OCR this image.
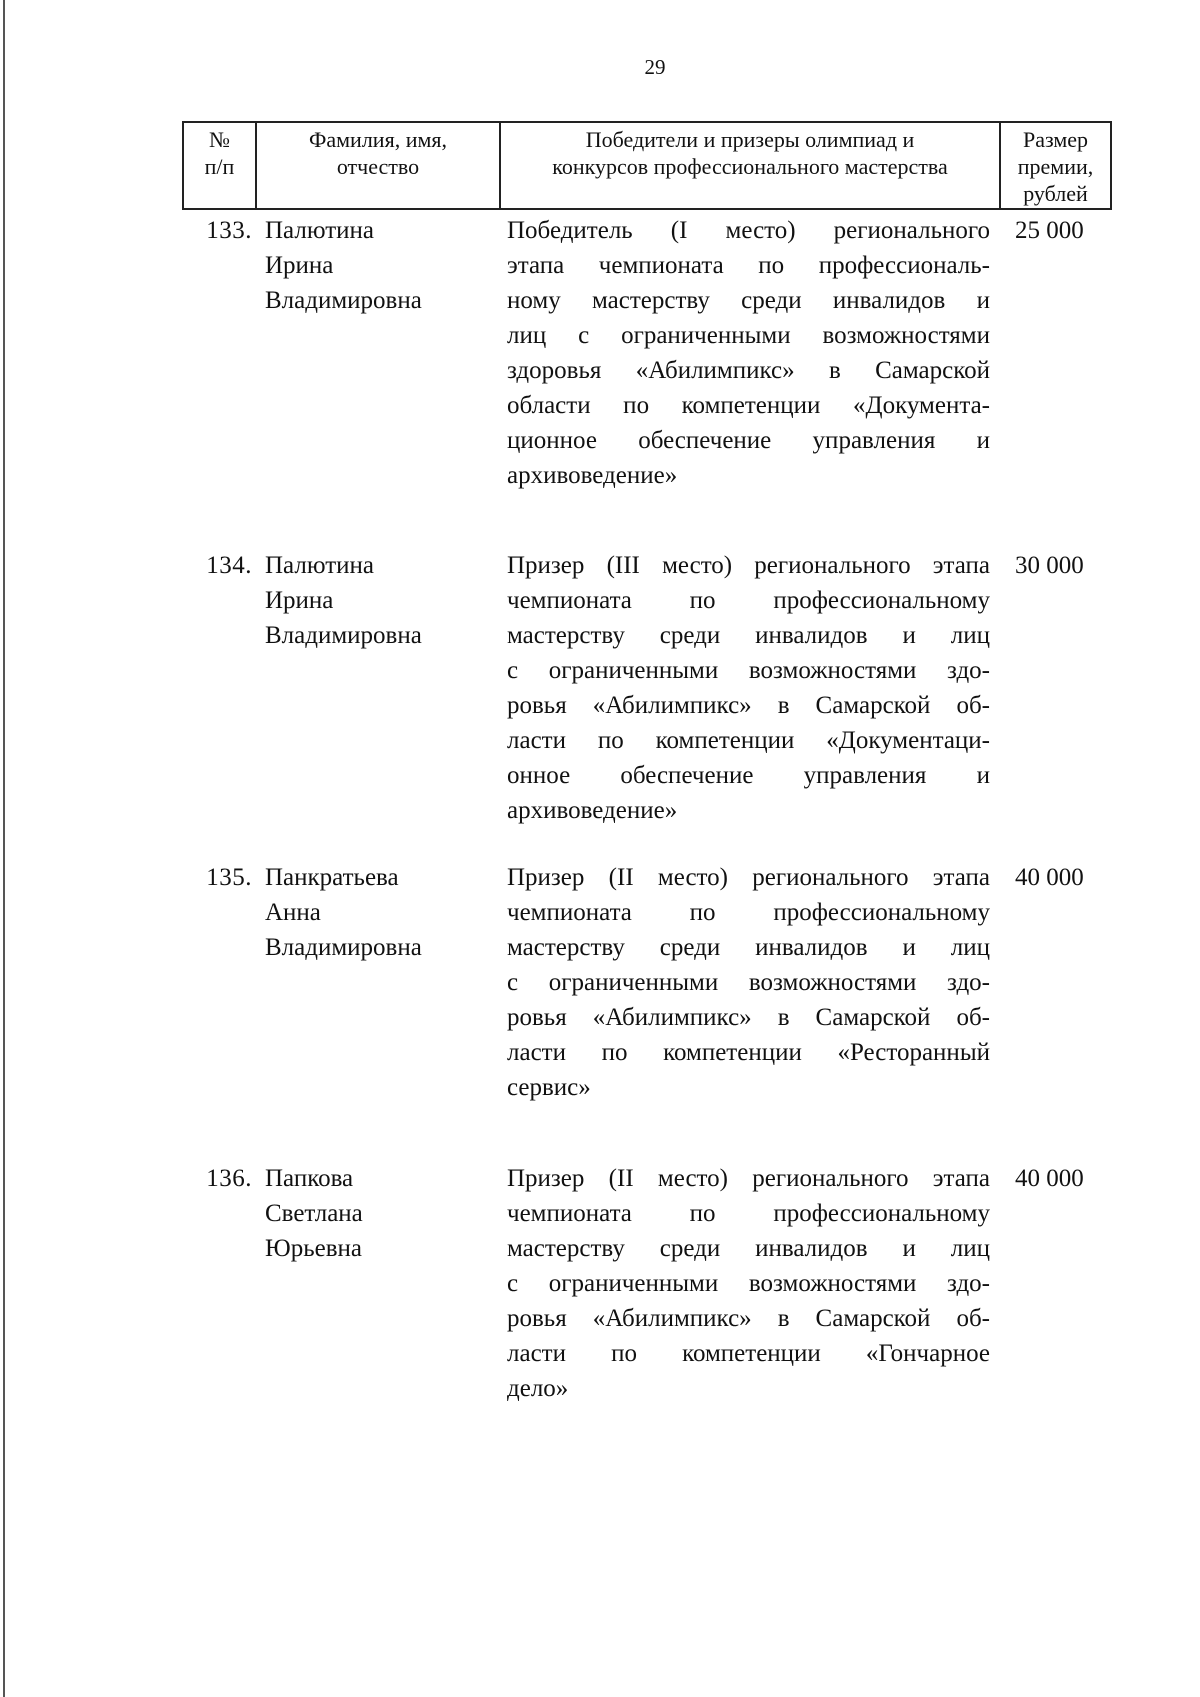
29
№
п/п
Фамилия, имя,
отчество
Победители и призеры олимпиад и
конкурсов профессионального мастерства
Размер
премии,
рублей
133. Палютина
Ирина
Владимировна
Победитель (I место) регионального
этапа чемпионата по профессиональ-
ному мастерству среди инвалидов и
лиц с ограниченными возможностями
здоровья «Абилимпикс» в Самарской
области по компетенции «Документа-
ционное обеспечение управления и
архивоведение»
25 000
134. Палютина
Ирина
Владимировна
Призер (III место) регионального этапа
чемпионата по профессиональному
мастерству среди инвалидов и лиц
с ограниченными возможностями здо-
ровья «Абилимпикс» в Самарской об-
ласти по компетенции «Документаци-
онное обеспечение управления и
архивоведение»
30 000
135. Панкратьева
Анна
Владимировна
Призер (II место) регионального этапа
чемпионата по профессиональному
мастерству среди инвалидов и лиц
с ограниченными возможностями здо-
ровья «Абилимпикс» в Самарской об-
ласти по компетенции «Ресторанный
сервис»
40 000
136. Папкова
Светлана
Юрьевна
Призер (II место) регионального этапа
чемпионата по профессиональному
мастерству среди инвалидов и лиц
с ограниченными возможностями здо-
ровья «Абилимпикс» в Самарской об-
ласти по компетенции «Гончарное
дело»
40 000
